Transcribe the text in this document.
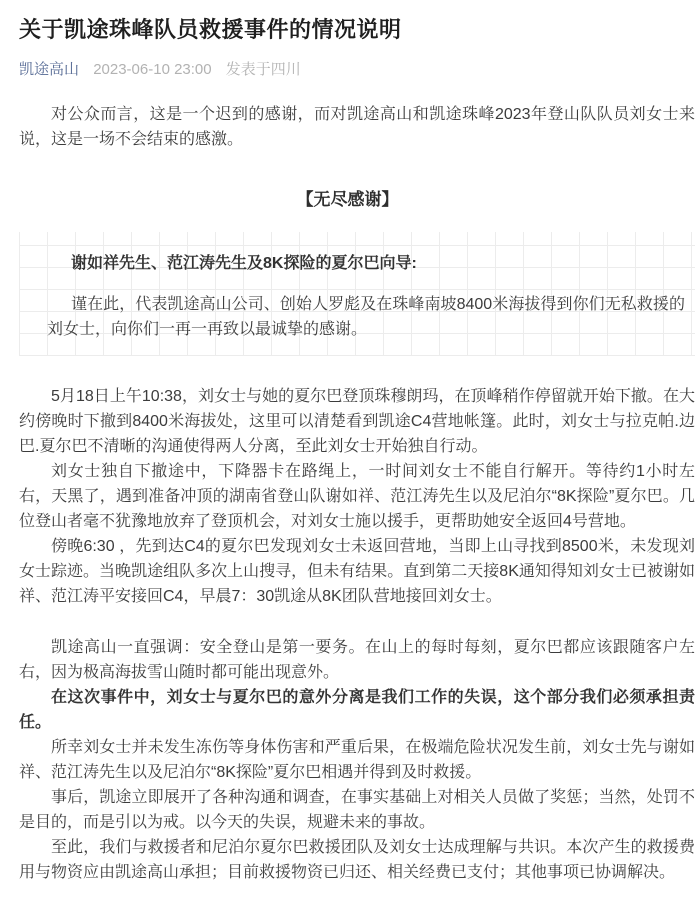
关于凯途珠峰队员救援事件的情况说明
凯途高山 2023-06-10 23:00 发表于四川

对公众而言，这是一个迟到的感谢，而对凯途高山和凯途珠峰2023年登山队队员刘女士来说，这是一场不会结束的感激。

【无尽感谢】

谢如祥先生、范江涛先生及8K探险的夏尔巴向导:

谨在此，代表凯途高山公司、创始人罗彪及在珠峰南坡8400米海拔得到你们无私救援的刘女士，向你们一再一再致以最诚挚的感谢。

5月18日上午10:38，刘女士与她的夏尔巴登顶珠穆朗玛，在顶峰稍作停留就开始下撤。在大约傍晚时下撤到8400米海拔处，这里可以清楚看到凯途C4营地帐篷。此时，刘女士与拉克帕.边巴.夏尔巴不清晰的沟通使得两人分离，至此刘女士开始独自行动。

刘女士独自下撤途中，下降器卡在路绳上，一时间刘女士不能自行解开。等待约1小时左右，天黑了，遇到准备冲顶的湖南省登山队谢如祥、范江涛先生以及尼泊尔“8K探险”夏尔巴。几位登山者毫不犹豫地放弃了登顶机会，对刘女士施以援手，更帮助她安全返回4号营地。

傍晚6:30 ，先到达C4的夏尔巴发现刘女士未返回营地，当即上山寻找到8500米，未发现刘女士踪迹。当晚凯途组队多次上山搜寻，但未有结果。直到第二天接8K通知得知刘女士已被谢如祥、范江涛平安接回C4，早晨7：30凯途从8K团队营地接回刘女士。

凯途高山一直强调：安全登山是第一要务。在山上的每时每刻，夏尔巴都应该跟随客户左右，因为极高海拔雪山随时都可能出现意外。

在这次事件中，刘女士与夏尔巴的意外分离是我们工作的失误，这个部分我们必须承担责任。

所幸刘女士并未发生冻伤等身体伤害和严重后果，在极端危险状况发生前，刘女士先与谢如祥、范江涛先生以及尼泊尔“8K探险”夏尔巴相遇并得到及时救援。

事后，凯途立即展开了各种沟通和调查，在事实基础上对相关人员做了奖惩；当然，处罚不是目的，而是引以为戒。以今天的失误，规避未来的事故。

至此，我们与救援者和尼泊尔夏尔巴救援团队及刘女士达成理解与共识。本次产生的救援费用与物资应由凯途高山承担；目前救援物资已归还、相关经费已支付；其他事项已协调解决。
